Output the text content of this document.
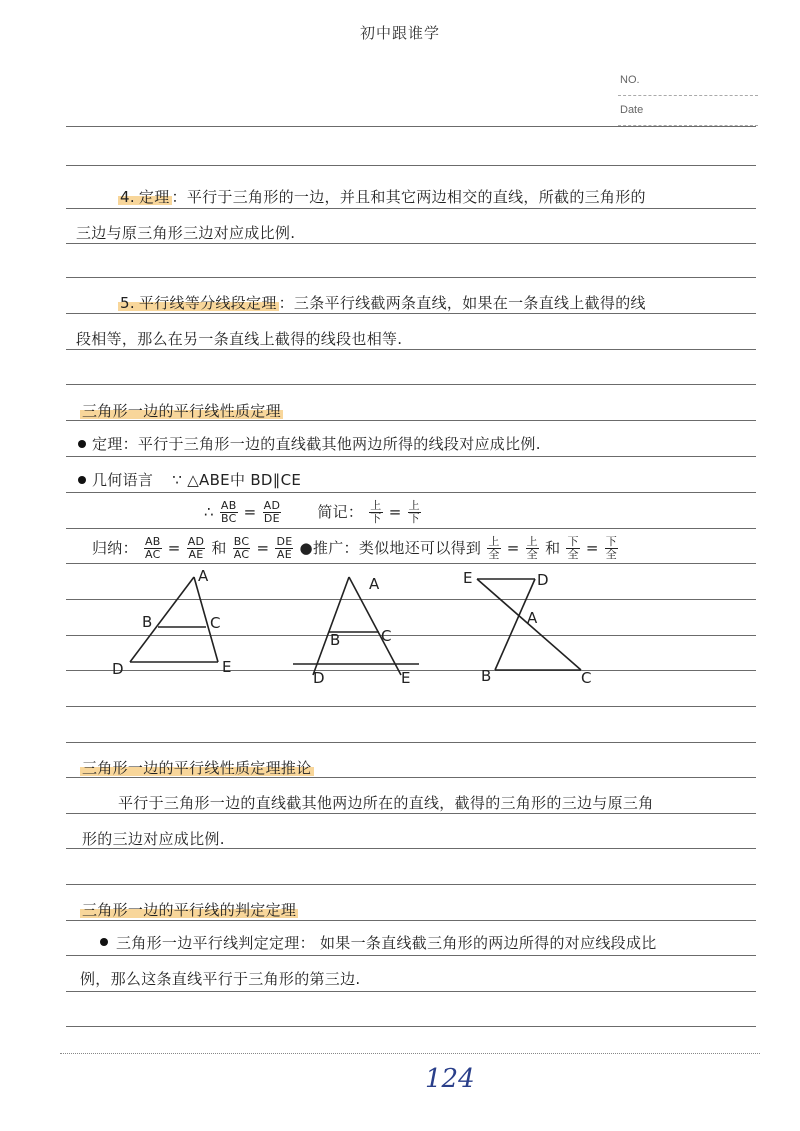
初中跟谁学
NO.
Date
4. 定理 ：平行于三角形的一边，并且和其它两边相交的直线，所截的三角形的
三边与原三角形三边对应成比例.
5. 平行线等分线段定理 ：三条平行线截两条直线，如果在一条直线上截得的线
段相等，那么在另一条直线上截得的线段也相等.
三角形一边的平行线性质定理
定理：平行于三角形一边的直线截其他两边所得的线段对应成比例.
几何语言 ∵ △ABE中 BD∥CE
∴ $\frac{AB}{BC} = \frac{AD}{DE}$ 简记： $\frac{\text{上}}{\text{下}} = \frac{\text{上}}{\text{下}}$
归纳： $\frac{AB}{AC} = \frac{AD}{AE}$ 和 $\frac{BC}{AC} = \frac{DE}{AE}$ ●推广：类似地还可以得到 $\frac{\text{上}}{\text{全}} = \frac{\text{上}}{\text{全}}$ 和 $\frac{\text{下}}{\text{全}} = \frac{\text{下}}{\text{全}}$
A
B	C
D	E
A
B	C
D	E
E	D
A
B	C
三角形一边的平行线性质定理推论
平行于三角形一边的直线截其他两边所在的直线，截得的三角形的三边与原三角
形的三边对应成比例.
三角形一边的平行线的判定定理
三角形一边平行线判定定理： 如果一条直线截三角形的两边所得的对应线段成比
例，那么这条直线平行于三角形的第三边.
124
